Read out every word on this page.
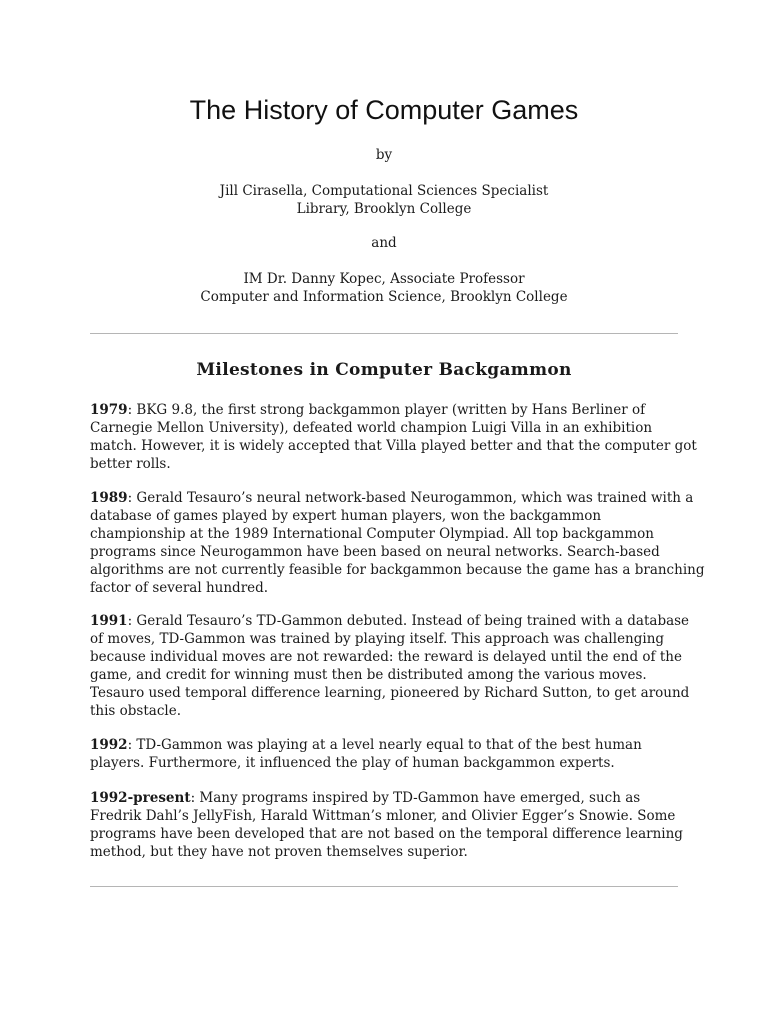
The History of Computer Games
by
Jill Cirasella, Computational Sciences Specialist
Library, Brooklyn College
and
IM Dr. Danny Kopec, Associate Professor
Computer and Information Science, Brooklyn College
Milestones in Computer Backgammon
1979: BKG 9.8, the first strong backgammon player (written by Hans Berliner of
Carnegie Mellon University), defeated world champion Luigi Villa in an exhibition
match. However, it is widely accepted that Villa played better and that the computer got
better rolls.
1989: Gerald Tesauro’s neural network-based Neurogammon, which was trained with a
database of games played by expert human players, won the backgammon
championship at the 1989 International Computer Olympiad. All top backgammon
programs since Neurogammon have been based on neural networks. Search-based
algorithms are not currently feasible for backgammon because the game has a branching
factor of several hundred.
1991: Gerald Tesauro’s TD-Gammon debuted. Instead of being trained with a database
of moves, TD-Gammon was trained by playing itself. This approach was challenging
because individual moves are not rewarded: the reward is delayed until the end of the
game, and credit for winning must then be distributed among the various moves.
Tesauro used temporal difference learning, pioneered by Richard Sutton, to get around
this obstacle.
1992: TD-Gammon was playing at a level nearly equal to that of the best human
players. Furthermore, it influenced the play of human backgammon experts.
1992-present: Many programs inspired by TD-Gammon have emerged, such as
Fredrik Dahl’s JellyFish, Harald Wittman’s mloner, and Olivier Egger’s Snowie. Some
programs have been developed that are not based on the temporal difference learning
method, but they have not proven themselves superior.
